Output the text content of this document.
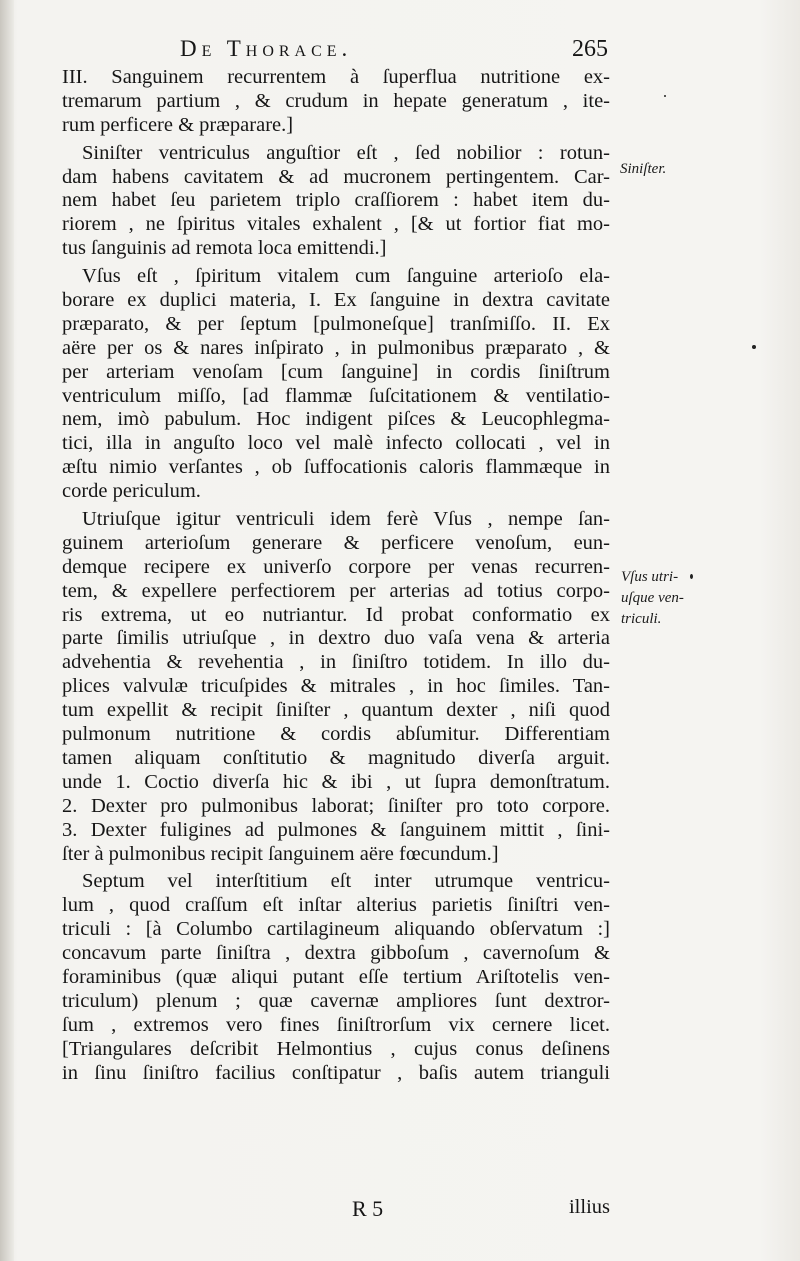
De Thorace.	265
III. Sanguinem recurrentem à ſuperflua nutritione ex-
tremarum partium , & crudum in hepate generatum , ite-
rum perficere & præparare.]
Siniſter ventriculus anguſtior eſt , ſed nobilior : rotun-
dam habens cavitatem & ad mucronem pertingentem. Car-
nem habet ſeu parietem triplo craſſiorem : habet item du-
riorem , ne ſpiritus vitales exhalent , [& ut fortior fiat mo-
tus ſanguinis ad remota loca emittendi.]
Vſus eſt , ſpiritum vitalem cum ſanguine arterioſo ela-
borare ex duplici materia, I. Ex ſanguine in dextra cavitate
præparato, & per ſeptum [pulmoneſque] tranſmiſſo. II. Ex
aëre per os & nares inſpirato , in pulmonibus præparato , &
per arteriam venoſam [cum ſanguine] in cordis ſiniſtrum
ventriculum miſſo, [ad flammæ ſuſcitationem & ventilatio-
nem, imò pabulum. Hoc indigent piſces & Leucophlegma-
tici, illa in anguſto loco vel malè infecto collocati , vel in
æſtu nimio verſantes , ob ſuffocationis caloris flammæque in
corde periculum.
Utriuſque igitur ventriculi idem ferè Vſus , nempe ſan-
guinem arterioſum generare & perficere venoſum, eun-
demque recipere ex univerſo corpore per venas recurren-
tem, & expellere perfectiorem per arterias ad totius corpo-
ris extrema, ut eo nutriantur. Id probat conformatio ex
parte ſimilis utriuſque , in dextro duo vaſa vena & arteria
advehentia & revehentia , in ſiniſtro totidem. In illo du-
plices valvulæ tricuſpides & mitrales , in hoc ſimiles. Tan-
tum expellit & recipit ſiniſter , quantum dexter , niſi quod
pulmonum nutritione & cordis abſumitur. Differentiam
tamen aliquam conſtitutio & magnitudo diverſa arguit.
unde 1. Coctio diverſa hic & ibi , ut ſupra demonſtratum.
2. Dexter pro pulmonibus laborat; ſiniſter pro toto corpore.
3. Dexter fuligines ad pulmones & ſanguinem mittit , ſini-
ſter à pulmonibus recipit ſanguinem aëre fœcundum.]
Septum vel interſtitium eſt inter utrumque ventricu-
lum , quod craſſum eſt inſtar alterius parietis ſiniſtri ven-
triculi : [à Columbo cartilagineum aliquando obſervatum :]
concavum parte ſiniſtra , dextra gibboſum , cavernoſum &
foraminibus (quæ aliqui putant eſſe tertium Ariſtotelis ven-
triculum) plenum ; quæ cavernæ ampliores ſunt dextror-
ſum , extremos vero fines ſiniſtrorſum vix cernere licet.
[Triangulares deſcribit Helmontius , cujus conus deſinens
in ſinu ſiniſtro facilius conſtipatur , baſis autem trianguli
Siniſter.
Vſus utri-
uſque ven-
triculi.
R 5	illius
